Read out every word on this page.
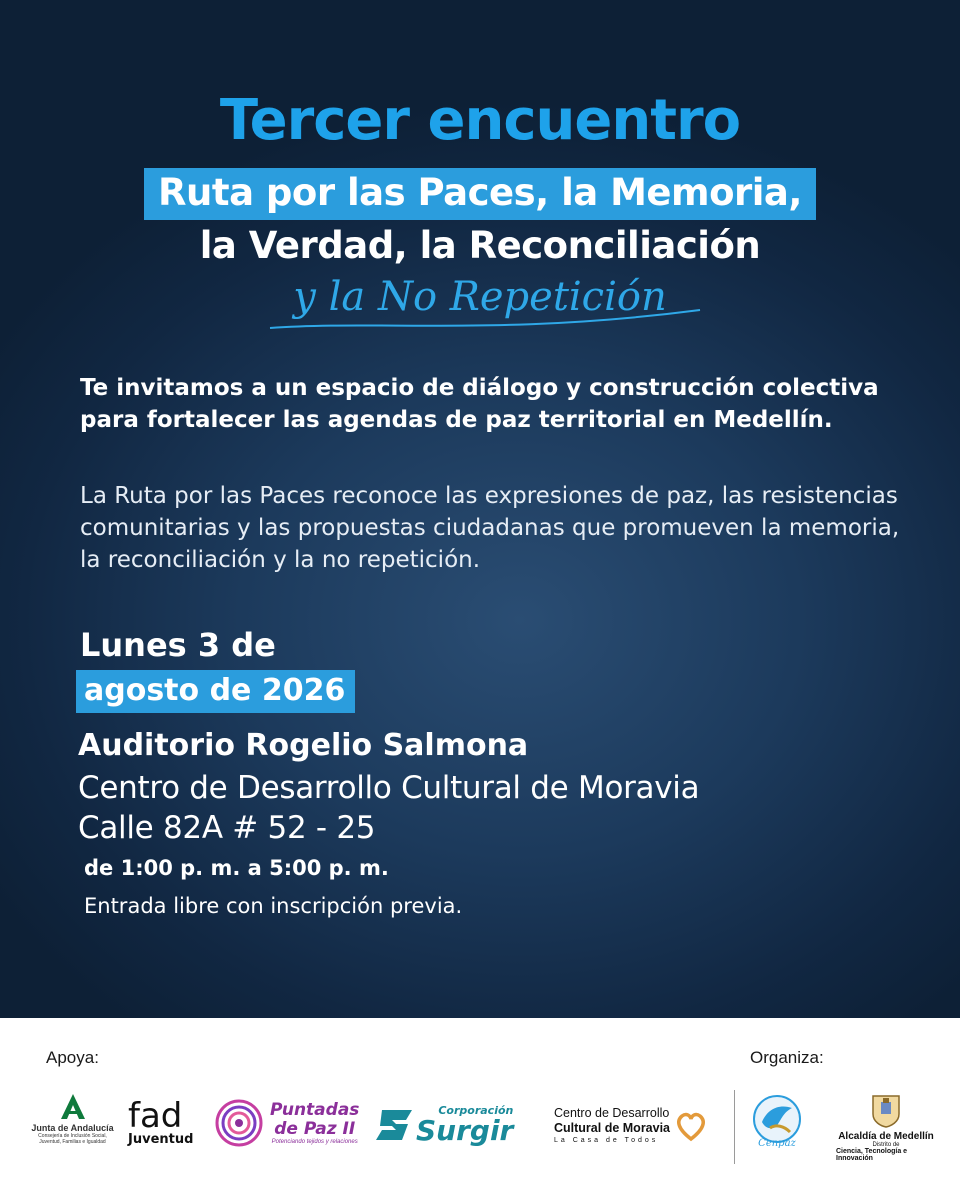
Tercer encuentro
Ruta por las Paces, la Memoria,
la Verdad, la Reconciliación
y la No Repetición
Te invitamos a un espacio de diálogo y construcción colectiva para fortalecer las agendas de paz territorial en Medellín.
La Ruta por las Paces reconoce las expresiones de paz, las resistencias comunitarias y las propuestas ciudadanas que promueven la memoria, la reconciliación y la no repetición.
Lunes 3 de
agosto de 2026
Auditorio Rogelio Salmona
Centro de Desarrollo Cultural de Moravia
Calle 82A # 52 - 25
de 1:00 p. m. a 5:00 p. m.
Entrada libre con inscripción previa.
Apoya:	Organiza:
Junta de Andalucía
Consejería de Inclusión Social, Juventud, Familias e Igualdad
fad
Juventud
Puntadas
de Paz II
Potenciando tejidos y relaciones
Corporación
Surgir
Centro de Desarrollo
Cultural de Moravia
La Casa de Todos	Cenpaz
Alcaldía de Medellín
Distrito de
Ciencia, Tecnología e Innovación
